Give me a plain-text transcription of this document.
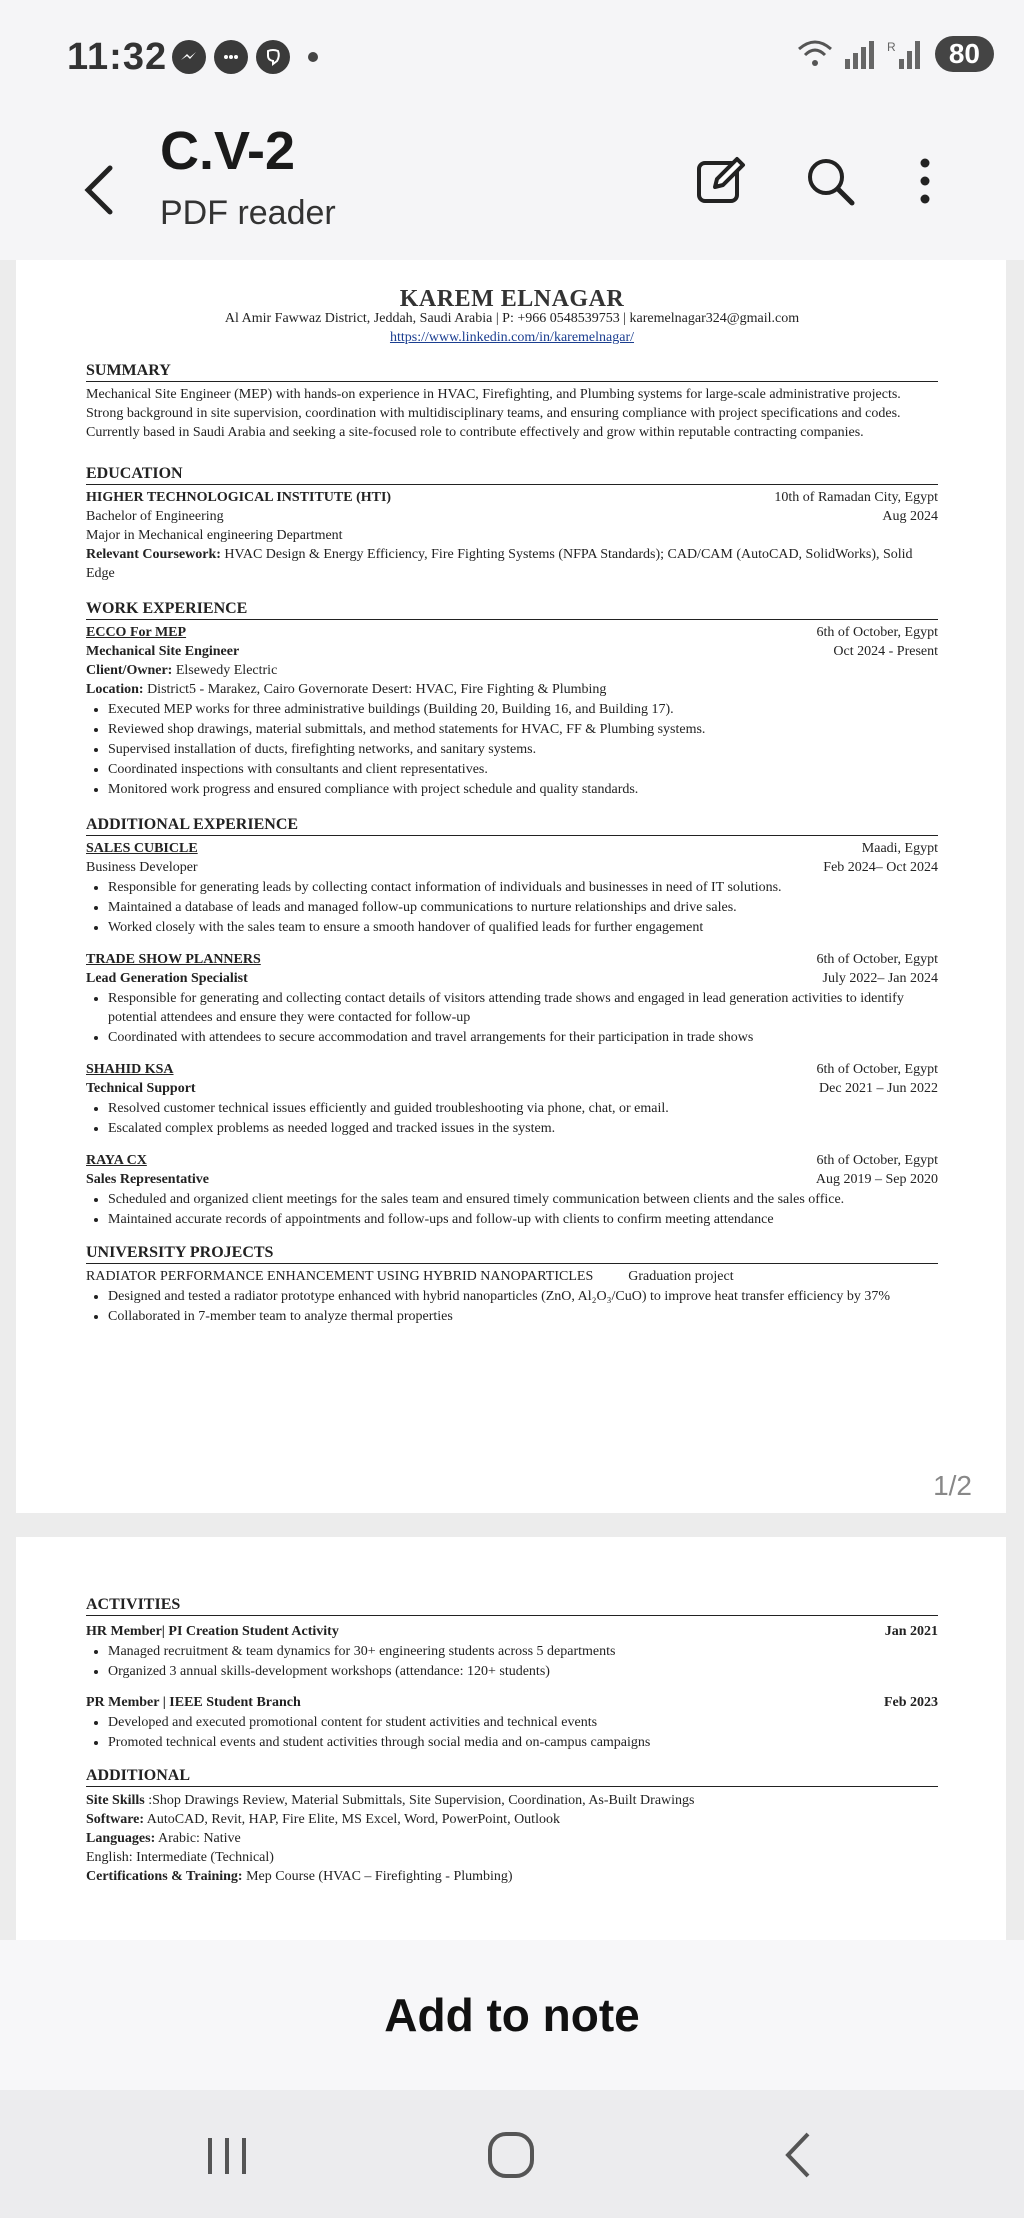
11:32	R	80
C.V-2
PDF reader
KAREM ELNAGAR
Al Amir Fawwaz District, Jeddah, Saudi Arabia | P: +966 0548539753 | karemelnagar324@gmail.com
https://www.linkedin.com/in/karemelnagar/
SUMMARY
Mechanical Site Engineer (MEP) with hands-on experience in HVAC, Firefighting, and Plumbing systems for large-scale administrative projects. Strong background in site supervision, coordination with multidisciplinary teams, and ensuring compliance with project specifications and codes. Currently based in Saudi Arabia and seeking a site-focused role to contribute effectively and grow within reputable contracting companies.
EDUCATION
HIGHER TECHNOLOGICAL INSTITUTE (HTI)	10th of Ramadan City, Egypt
Bachelor of Engineering	Aug 2024
Major in Mechanical engineering Department
Relevant Coursework: HVAC Design & Energy Efficiency, Fire Fighting Systems (NFPA Standards); CAD/CAM (AutoCAD, SolidWorks), Solid Edge
WORK EXPERIENCE
ECCO For MEP	6th of October, Egypt
Mechanical Site Engineer	Oct 2024 - Present
Client/Owner: Elsewedy Electric
Location: District5 - Marakez, Cairo Governorate Desert: HVAC, Fire Fighting & Plumbing
• Executed MEP works for three administrative buildings (Building 20, Building 16, and Building 17).
• Reviewed shop drawings, material submittals, and method statements for HVAC, FF & Plumbing systems.
• Supervised installation of ducts, firefighting networks, and sanitary systems.
• Coordinated inspections with consultants and client representatives.
• Monitored work progress and ensured compliance with project schedule and quality standards.
ADDITIONAL EXPERIENCE
SALES CUBICLE	Maadi, Egypt
Business Developer	Feb 2024– Oct 2024
• Responsible for generating leads by collecting contact information of individuals and businesses in need of IT solutions.
• Maintained a database of leads and managed follow-up communications to nurture relationships and drive sales.
• Worked closely with the sales team to ensure a smooth handover of qualified leads for further engagement
TRADE SHOW PLANNERS	6th of October, Egypt
Lead Generation Specialist	July 2022– Jan 2024
• Responsible for generating and collecting contact details of visitors attending trade shows and engaged in lead generation activities to identify potential attendees and ensure they were contacted for follow-up
• Coordinated with attendees to secure accommodation and travel arrangements for their participation in trade shows
SHAHID KSA	6th of October, Egypt
Technical Support	Dec 2021 – Jun 2022
• Resolved customer technical issues efficiently and guided troubleshooting via phone, chat, or email.
• Escalated complex problems as needed logged and tracked issues in the system.
RAYA CX	6th of October, Egypt
Sales Representative	Aug 2019 – Sep 2020
• Scheduled and organized client meetings for the sales team and ensured timely communication between clients and the sales office.
• Maintained accurate records of appointments and follow-ups and follow-up with clients to confirm meeting attendance
UNIVERSITY PROJECTS
RADIATOR PERFORMANCE ENHANCEMENT USING HYBRID NANOPARTICLES	Graduation project
• Designed and tested a radiator prototype enhanced with hybrid nanoparticles (ZnO, Al₂O₃/CuO) to improve heat transfer efficiency by 37%
• Collaborated in 7-member team to analyze thermal properties
1/2
ACTIVITIES
HR Member| PI Creation Student Activity	Jan 2021
• Managed recruitment & team dynamics for 30+ engineering students across 5 departments
• Organized 3 annual skills-development workshops (attendance: 120+ students)
PR Member | IEEE Student Branch	Feb 2023
• Developed and executed promotional content for student activities and technical events
• Promoted technical events and student activities through social media and on-campus campaigns
ADDITIONAL
Site Skills :Shop Drawings Review, Material Submittals, Site Supervision, Coordination, As-Built Drawings
Software: AutoCAD, Revit, HAP, Fire Elite, MS Excel, Word, PowerPoint, Outlook
Languages: Arabic: Native
English: Intermediate (Technical)
Certifications & Training: Mep Course (HVAC – Firefighting - Plumbing)
Add to note
